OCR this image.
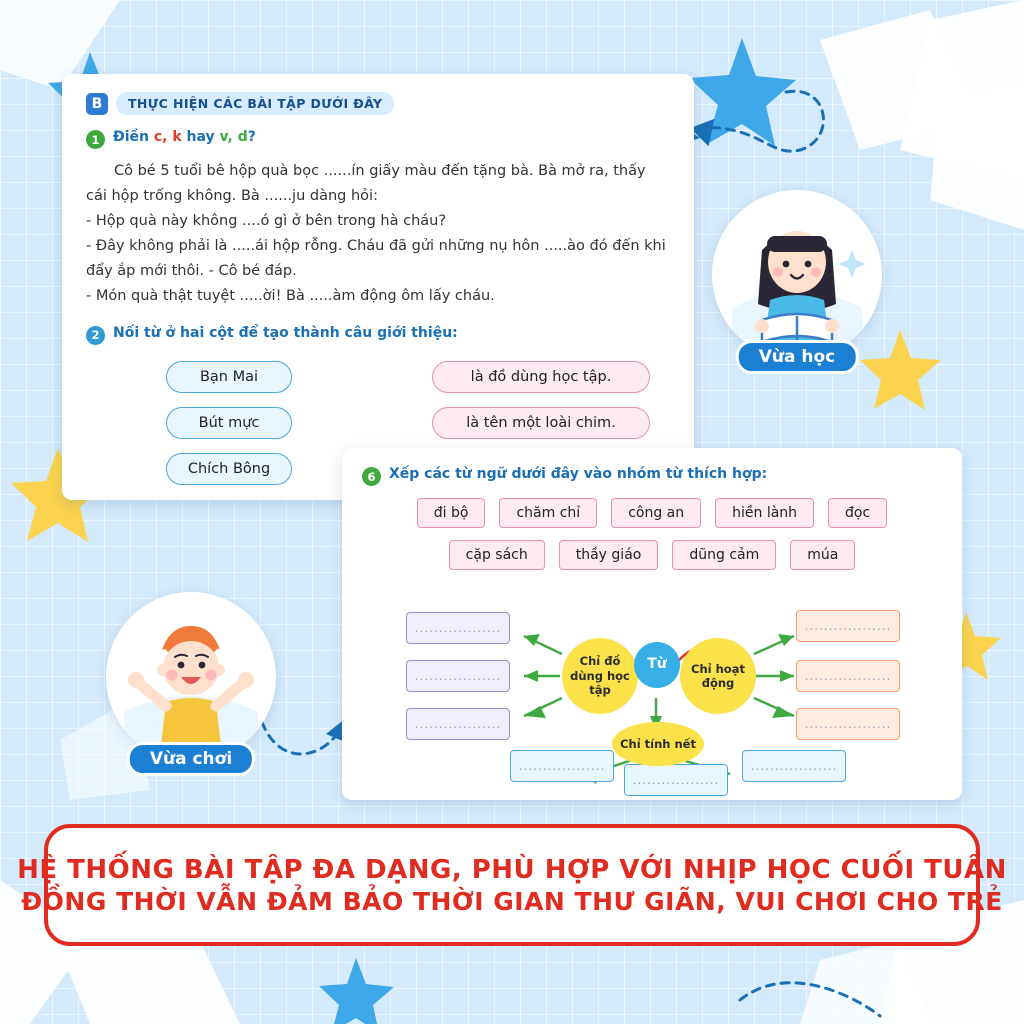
B	THỰC HIỆN CÁC BÀI TẬP DƯỚI ĐÂY
1 Điền c, k hay v, d?

Cô bé 5 tuổi bê hộp quà bọc ......ín giấy màu đến tặng bà. Bà mở ra, thấy cái hộp trống không. Bà ......ju dàng hỏi:

- Hộp quà này không ....ó gì ở bên trong hà cháu?

- Đây không phải là .....ái hộp rỗng. Cháu đã gửi những nụ hôn .....ào đó đến khi đẩy ắp mới thôi. - Cô bé đáp.

- Món quà thật tuyệt .....ời! Bà .....àm động ôm lấy cháu.

2 Nối từ ở hai cột để tạo thành câu giới thiệu:
Bạn Mai
Bút mực
Chích Bông
là đồ dùng học tập.
là tên một loài chim.
6 Xếp các từ ngữ dưới đây vào nhóm từ thích hợp:
đi bộ	chăm chỉ	công an	hiền lành	đọc
cặp sách	thầy giáo	dũng cảm	múa
..................
..................
..................
..................
..................
..................
..................
..................
..................
Chỉ đồ dùng học tập
Từ	Chỉ hoạt động
Chỉ tính nết
Vừa học
Vừa chơi
HỆ THỐNG BÀI TẬP ĐA DẠNG, PHÙ HỢP VỚI NHỊP HỌC CUỐI TUẦN
ĐỒNG THỜI VẪN ĐẢM BẢO THỜI GIAN THƯ GIÃN, VUI CHƠI CHO TRẺ
